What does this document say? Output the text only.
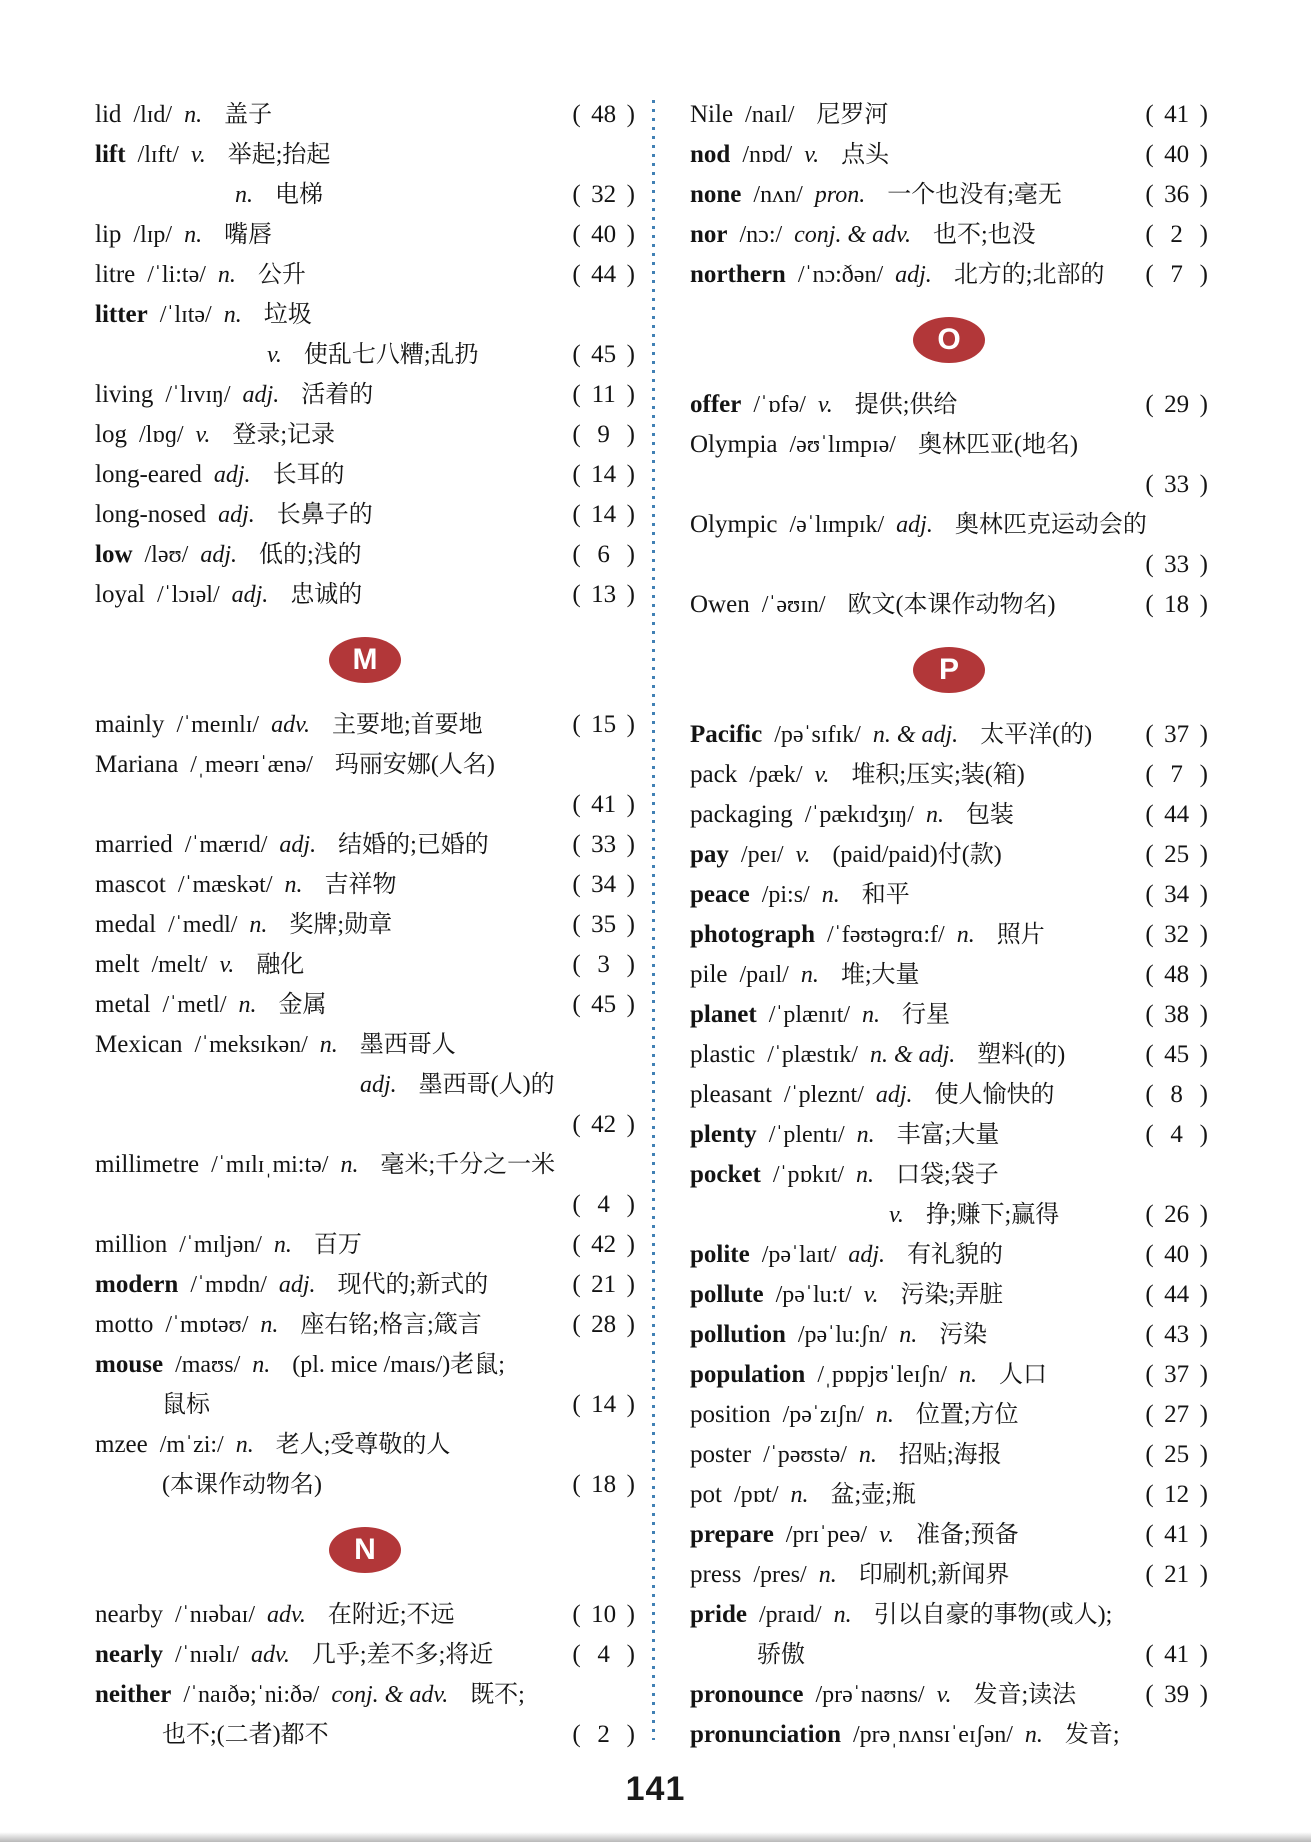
lid /lɪd/ n. 盖子	( 48 )
lift /lɪft/ v. 举起;抬起
n. 电梯	( 32 )
lip /lɪp/ n. 嘴唇	( 40 )
litre /ˈli:tə/ n. 公升	( 44 )
litter /ˈlɪtə/ n. 垃圾
v. 使乱七八糟;乱扔	( 45 )
living /ˈlɪvɪŋ/ adj. 活着的	( 11 )
log /lɒɡ/ v. 登录;记录	( 9 )
long-eared adj. 长耳的	( 14 )
long-nosed adj. 长鼻子的	( 14 )
low /ləʊ/ adj. 低的;浅的	( 6 )
loyal /ˈlɔɪəl/ adj. 忠诚的	( 13 )
M
mainly /ˈmeɪnlɪ/ adv. 主要地;首要地	( 15 )
Mariana /ˌmeərɪˈænə/ 玛丽安娜(人名)
( 41 )
married /ˈmærɪd/ adj. 结婚的;已婚的	( 33 )
mascot /ˈmæskət/ n. 吉祥物	( 34 )
medal /ˈmedl/ n. 奖牌;勋章	( 35 )
melt /melt/ v. 融化	( 3 )
metal /ˈmetl/ n. 金属	( 45 )
Mexican /ˈmeksɪkən/ n. 墨西哥人
adj. 墨西哥(人)的
( 42 )
millimetre /ˈmɪlɪˌmi:tə/ n. 毫米;千分之一米
( 4 )
million /ˈmɪljən/ n. 百万	( 42 )
modern /ˈmɒdn/ adj. 现代的;新式的	( 21 )
motto /ˈmɒtəʊ/ n. 座右铭;格言;箴言	( 28 )
mouse /maʊs/ n. (pl. mice /maɪs/)老鼠;
鼠标	( 14 )
mzee /mˈzi:/ n. 老人;受尊敬的人
(本课作动物名)	( 18 )
N
nearby /ˈnɪəbaɪ/ adv. 在附近;不远	( 10 )
nearly /ˈnɪəlɪ/ adv. 几乎;差不多;将近	( 4 )
neither /ˈnaɪðə;ˈni:ðə/ conj. & adv. 既不;
也不;(二者)都不	( 2 )
Nile /naɪl/ 尼罗河	( 41 )
nod /nɒd/ v. 点头	( 40 )
none /nʌn/ pron. 一个也没有;毫无	( 36 )
nor /nɔ:/ conj. & adv. 也不;也没	( 2 )
northern /ˈnɔ:ðən/ adj. 北方的;北部的 ( 7 )
O
offer /ˈɒfə/ v. 提供;供给	( 29 )
Olympia /əʊˈlɪmpɪə/ 奥林匹亚(地名)
( 33 )
Olympic /əˈlɪmpɪk/ adj. 奥林匹克运动会的
( 33 )
Owen /ˈəʊɪn/ 欧文(本课作动物名)	( 18 )
P
Pacific /pəˈsɪfɪk/ n. & adj. 太平洋(的) ( 37 )
pack /pæk/ v. 堆积;压实;装(箱)	( 7 )
packaging /ˈpækɪdʒɪŋ/ n. 包装	( 44 )
pay /peɪ/ v. (paid/paid)付(款)	( 25 )
peace /pi:s/ n. 和平	( 34 )
photograph /ˈfəʊtəɡrɑ:f/ n. 照片	( 32 )
pile /paɪl/ n. 堆;大量	( 48 )
planet /ˈplænɪt/ n. 行星	( 38 )
plastic /ˈplæstɪk/ n. & adj. 塑料(的)	( 45 )
pleasant /ˈpleznt/ adj. 使人愉快的	( 8 )
plenty /ˈplentɪ/ n. 丰富;大量	( 4 )
pocket /ˈpɒkɪt/ n. 口袋;袋子
v. 挣;赚下;赢得	( 26 )
polite /pəˈlaɪt/ adj. 有礼貌的	( 40 )
pollute /pəˈlu:t/ v. 污染;弄脏	( 44 )
pollution /pəˈlu:ʃn/ n. 污染	( 43 )
population /ˌpɒpjʊˈleɪʃn/ n. 人口	( 37 )
position /pəˈzɪʃn/ n. 位置;方位	( 27 )
poster /ˈpəʊstə/ n. 招贴;海报	( 25 )
pot /pɒt/ n. 盆;壶;瓶	( 12 )
prepare /prɪˈpeə/ v. 准备;预备	( 41 )
press /pres/ n. 印刷机;新闻界	( 21 )
pride /praɪd/ n. 引以自豪的事物(或人);
骄傲	( 41 )
pronounce /prəˈnaʊns/ v. 发音;读法	( 39 )
pronunciation /prəˌnʌnsɪˈeɪʃən/ n. 发音;
141
